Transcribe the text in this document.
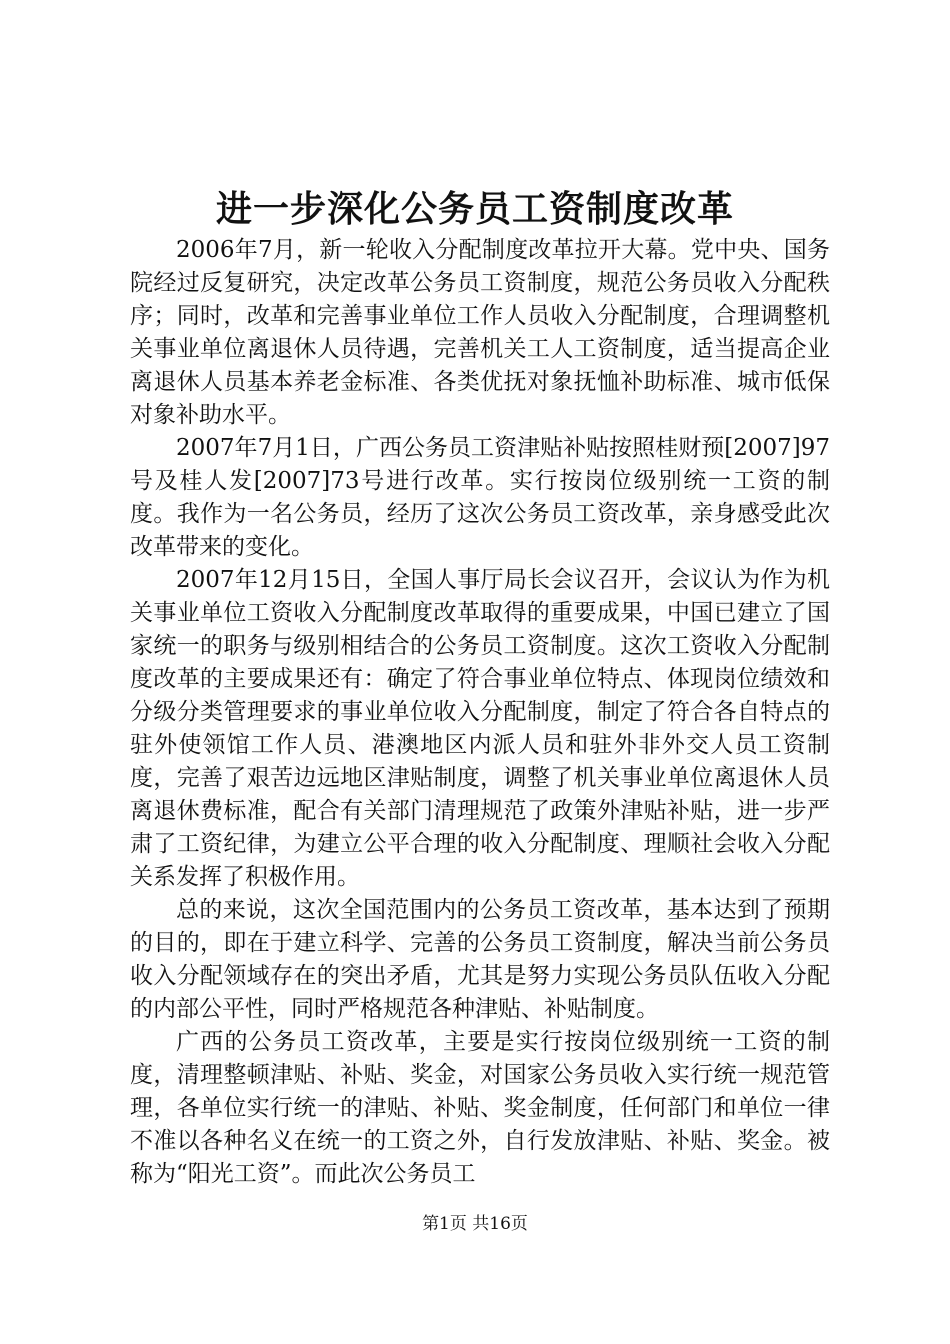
进一步深化公务员工资制度改革

2006年7月，新一轮收入分配制度改革拉开大幕。党中央、国务院经过反复研究，决定改革公务员工资制度，规范公务员收入分配秩序；同时，改革和完善事业单位工作人员收入分配制度，合理调整机关事业单位离退休人员待遇，完善机关工人工资制度，适当提高企业离退休人员基本养老金标准、各类优抚对象抚恤补助标准、城市低保对象补助水平。

2007年7月1日，广西公务员工资津贴补贴按照桂财预[2007]97号及桂人发[2007]73号进行改革。实行按岗位级别统一工资的制度。我作为一名公务员，经历了这次公务员工资改革，亲身感受此次改革带来的变化。

2007年12月15日，全国人事厅局长会议召开，会议认为作为机关事业单位工资收入分配制度改革取得的重要成果，中国已建立了国家统一的职务与级别相结合的公务员工资制度。这次工资收入分配制度改革的主要成果还有：确定了符合事业单位特点、体现岗位绩效和分级分类管理要求的事业单位收入分配制度，制定了符合各自特点的驻外使领馆工作人员、港澳地区内派人员和驻外非外交人员工资制度，完善了艰苦边远地区津贴制度，调整了机关事业单位离退休人员离退休费标准，配合有关部门清理规范了政策外津贴补贴，进一步严肃了工资纪律，为建立公平合理的收入分配制度、理顺社会收入分配关系发挥了积极作用。

总的来说，这次全国范围内的公务员工资改革，基本达到了预期的目的，即在于建立科学、完善的公务员工资制度，解决当前公务员收入分配领域存在的突出矛盾，尤其是努力实现公务员队伍收入分配的内部公平性，同时严格规范各种津贴、补贴制度。

广西的公务员工资改革，主要是实行按岗位级别统一工资的制度，清理整顿津贴、补贴、奖金，对国家公务员收入实行统一规范管理，各单位实行统一的津贴、补贴、奖金制度，任何部门和单位一律不准以各种名义在统一的工资之外，自行发放津贴、补贴、奖金。被称为“阳光工资”。而此次公务员工

第1页 共16页
